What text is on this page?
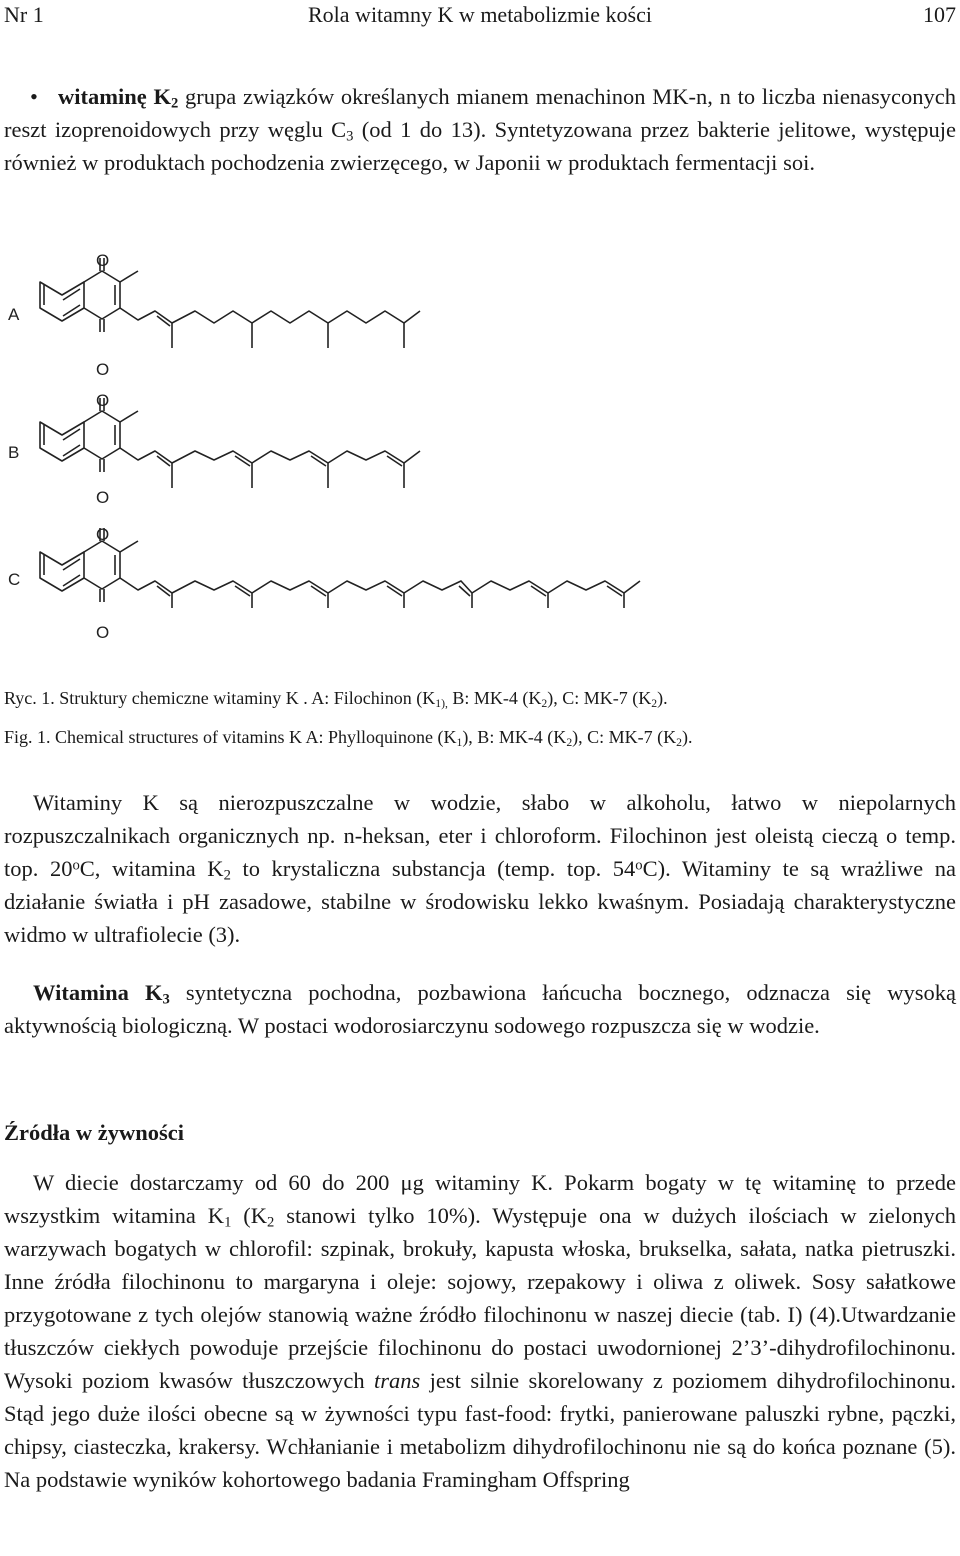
Nr 1	Rola witamny K w metabolizmie kości	107

• witaminę $K_2$ grupa związków określanych mianem menachinon MK-n, n to liczba nienasyconych reszt izoprenoidowych przy węglu $C_3$ (od 1 do 13). Syntetyzowana przez bakterie jelitowe, występuje również w produktach pochodzenia zwierzęcego, w Japonii w produktach fermentacji soi.

A
O
O
B
O
O
C
O
O
Ryc. 1. Struktury chemiczne witaminy K . A: Filochinon ($K_{1),}$ B: MK-4 $(K_2)$, C: MK-7 $(K_2)$.
Fig. 1. Chemical structures of vitamins K A: Phylloquinone $(K_1)$, B: MK-4 $(K_2)$, C: MK-7 $(K_2)$.

Witaminy K są nierozpuszczalne w wodzie, słabo w alkoholu, łatwo w niepolarnych rozpuszczalnikach organicznych np. n-heksan, eter i chloroform. Filochinon jest oleistą cieczą o temp. top. 20$^o$C, witamina $K_2$ to krystaliczna substancja (temp. top. 54$^o$C). Witaminy te są wrażliwe na działanie światła i pH zasadowe, stabilne w środowisku lekko kwaśnym. Posiadają charakterystyczne widmo w ultrafiolecie (3).

Witamina $K_3$ syntetyczna pochodna, pozbawiona łańcucha bocznego, odznacza się wysoką aktywnością biologiczną. W postaci wodorosiarczynu sodowego rozpuszcza się w wodzie.

Źródła w żywności

W diecie dostarczamy od 60 do 200 μg witaminy K. Pokarm bogaty w tę witaminę to przede wszystkim witamina $K_1$ ($K_2$ stanowi tylko 10%). Występuje ona w dużych ilościach w zielonych warzywach bogatych w chlorofil: szpinak, brokuły, kapusta włoska, brukselka, sałata, natka pietruszki. Inne źródła filochinonu to margaryna i oleje: sojowy, rzepakowy i oliwa z oliwek. Sosy sałatkowe przygotowane z tych olejów stanowią ważne źródło filochinonu w naszej diecie (tab. I) (4).Utwardzanie tłuszczów ciekłych powoduje przejście filochinonu do postaci uwodornionej 2’3’-dihydrofilochinonu. Wysoki poziom kwasów tłuszczowych trans jest silnie skorelowany z poziomem dihydrofilochinonu. Stąd jego duże ilości obecne są w żywności typu fast-food: frytki, panierowane paluszki rybne, pączki, chipsy, ciasteczka, krakersy. Wchłanianie i metabolizm dihydrofilochinonu nie są do końca poznane (5). Na podstawie wyników kohortowego badania Framingham Offspring
